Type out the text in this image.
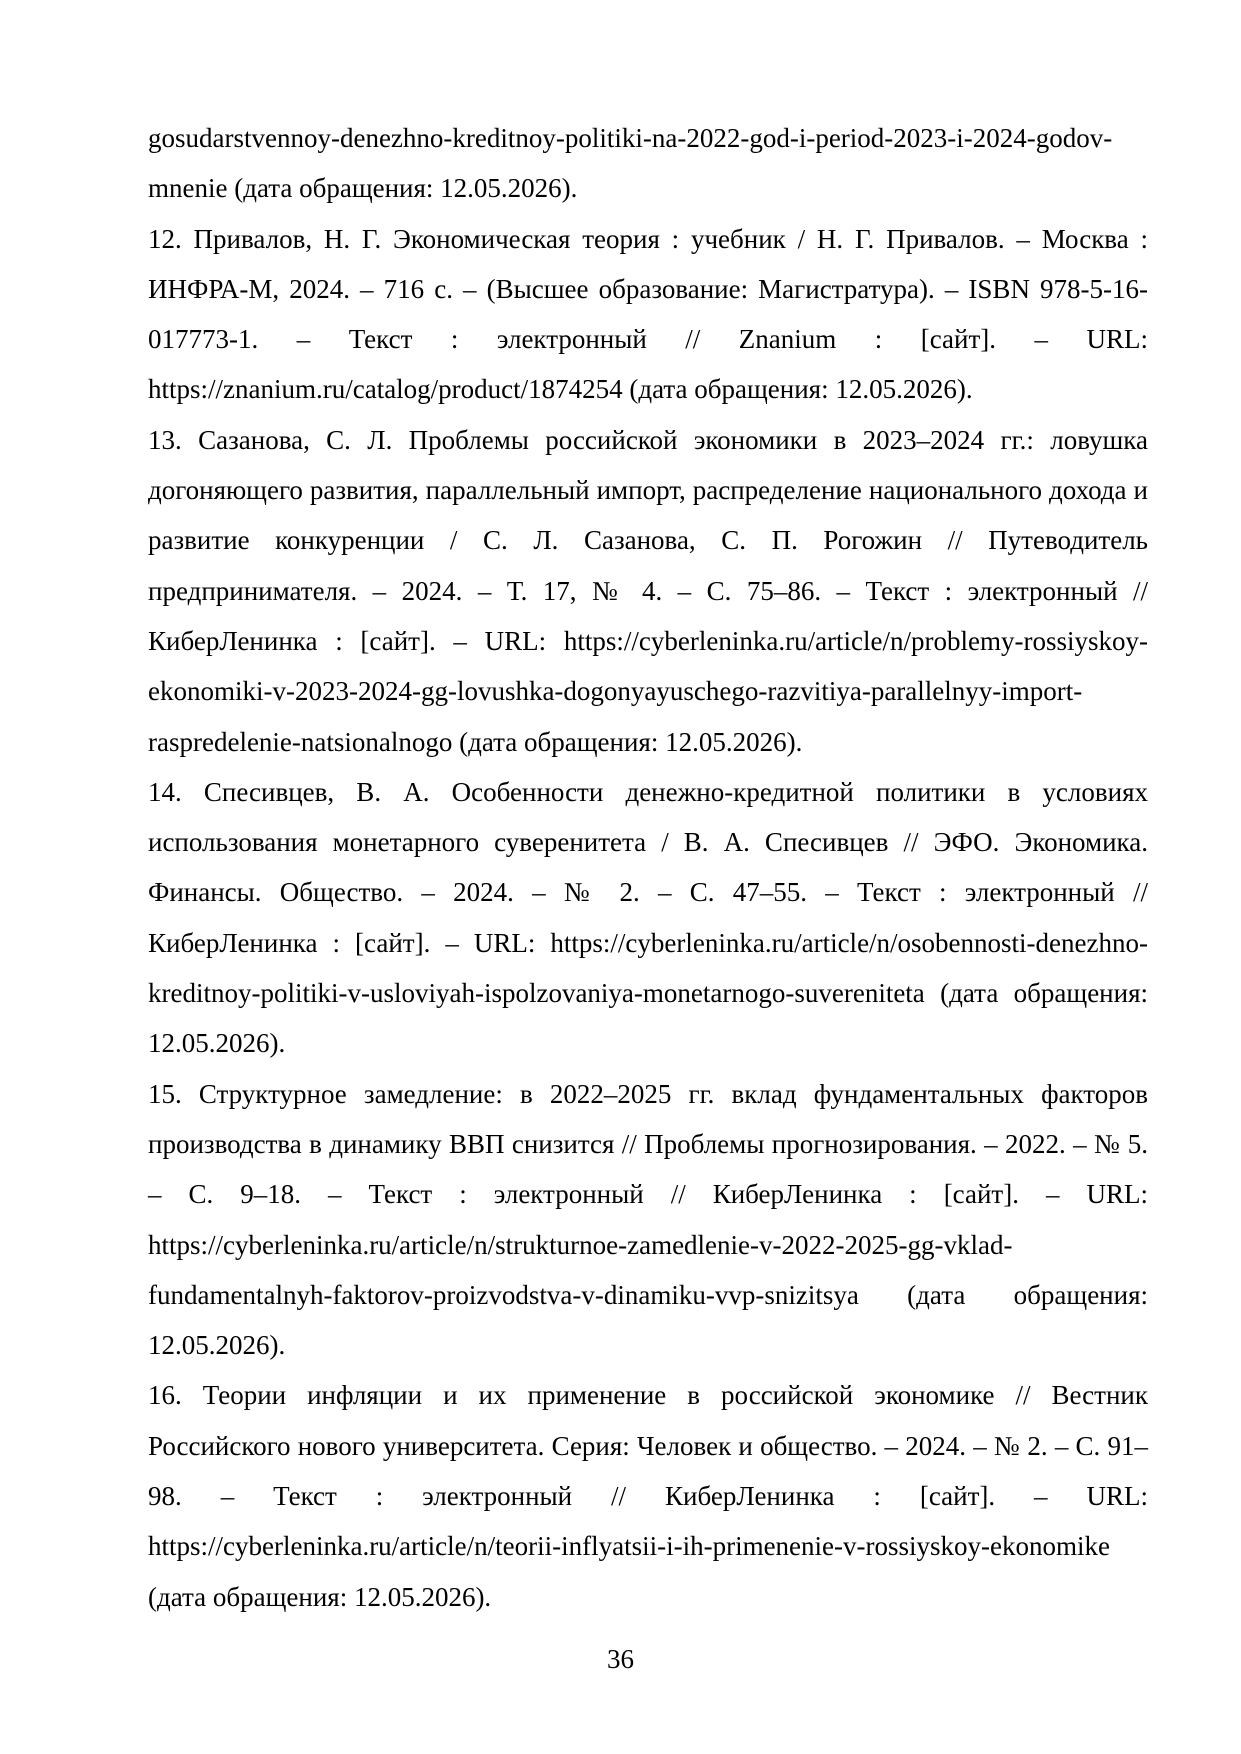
gosudarstvennoy-denezhno-kreditnoy-politiki-na-2022-god-i-period-2023-i-2024-godov-mnenie (дата обращения: 12.05.2026).

12. Привалов, Н. Г. Экономическая теория : учебник / Н. Г. Привалов. – Москва : ИНФРА-М, 2024. – 716 с. – (Высшее образование: Магистратура). – ISBN 978-5-16-017773-1. – Текст : электронный // Znanium : [сайт]. – URL: https://znanium.ru/catalog/product/1874254 (дата обращения: 12.05.2026).

13. Сазанова, С. Л. Проблемы российской экономики в 2023–2024 гг.: ловушка догоняющего развития, параллельный импорт, распределение национального дохода и развитие конкуренции / С. Л. Сазанова, С. П. Рогожин // Путеводитель предпринимателя. – 2024. – Т. 17, № 4. – С. 75–86. – Текст : электронный // КиберЛенинка : [сайт]. – URL: https://cyberleninka.ru/article/n/problemy-rossiyskoy-ekonomiki-v-2023-2024-gg-lovushka-dogonyayuschego-razvitiya-parallelnyy-import-raspredelenie-natsionalnogo (дата обращения: 12.05.2026).

14. Спесивцев, В. А. Особенности денежно-кредитной политики в условиях использования монетарного суверенитета / В. А. Спесивцев // ЭФО. Экономика. Финансы. Общество. – 2024. – № 2. – С. 47–55. – Текст : электронный // КиберЛенинка : [сайт]. – URL: https://cyberleninka.ru/article/n/osobennosti-denezhno-kreditnoy-politiki-v-usloviyah-ispolzovaniya-monetarnogo-suvereniteta (дата обращения: 12.05.2026).

15. Структурное замедление: в 2022–2025 гг. вклад фундаментальных факторов производства в динамику ВВП снизится // Проблемы прогнозирования. – 2022. – № 5. – С. 9–18. – Текст : электронный // КиберЛенинка : [сайт]. – URL: https://cyberleninka.ru/article/n/strukturnoe-zamedlenie-v-2022-2025-gg-vklad-fundamentalnyh-faktorov-proizvodstva-v-dinamiku-vvp-snizitsya (дата обращения: 12.05.2026).

16. Теории инфляции и их применение в российской экономике // Вестник Российского нового университета. Серия: Человек и общество. – 2024. – № 2. – С. 91–98. – Текст : электронный // КиберЛенинка : [сайт]. – URL: https://cyberleninka.ru/article/n/teorii-inflyatsii-i-ih-primenenie-v-rossiyskoy-ekonomike (дата обращения: 12.05.2026).

36
